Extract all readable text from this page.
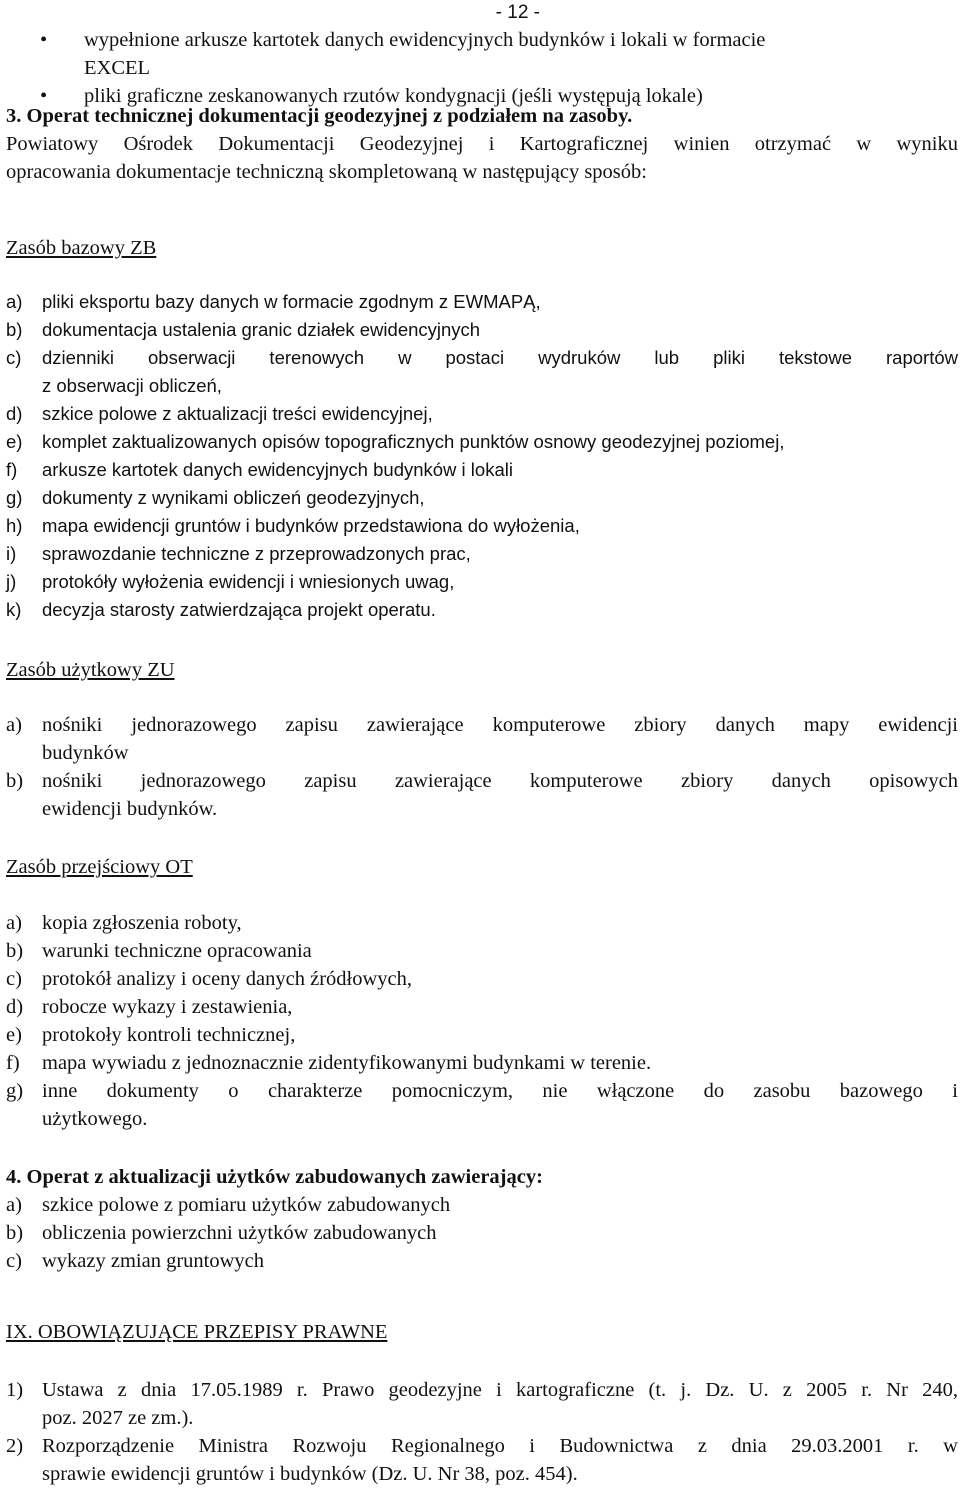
- 12 -
• wypełnione arkusze kartotek danych ewidencyjnych budynków i lokali w formacie
EXCEL
• pliki graficzne zeskanowanych rzutów kondygnacji (jeśli występują lokale)
3. Operat technicznej dokumentacji geodezyjnej z podziałem na zasoby.
Powiatowy Ośrodek Dokumentacji Geodezyjnej i Kartograficznej winien otrzymać w wyniku
opracowania dokumentacje techniczną skompletowaną w następujący sposób:
Zasób bazowy ZB
a) pliki eksportu bazy danych w formacie zgodnym z EWMAPĄ,
b) dokumentacja ustalenia granic działek ewidencyjnych
c) dzienniki obserwacji terenowych w postaci wydruków lub pliki tekstowe raportów
z obserwacji obliczeń,
d) szkice polowe z aktualizacji treści ewidencyjnej,
e) komplet zaktualizowanych opisów topograficznych punktów osnowy geodezyjnej poziomej,
f) arkusze kartotek danych ewidencyjnych budynków i lokali
g) dokumenty z wynikami obliczeń geodezyjnych,
h) mapa ewidencji gruntów i budynków przedstawiona do wyłożenia,
i) sprawozdanie techniczne z przeprowadzonych prac,
j) protokóły wyłożenia ewidencji i wniesionych uwag,
k) decyzja starosty zatwierdzająca projekt operatu.
Zasób użytkowy ZU
a) nośniki jednorazowego zapisu zawierające komputerowe zbiory danych mapy ewidencji
budynków
b) nośniki jednorazowego zapisu zawierające komputerowe zbiory danych opisowych
ewidencji budynków.
Zasób przejściowy OT
a) kopia zgłoszenia roboty,
b) warunki techniczne opracowania
c) protokół analizy i oceny danych źródłowych,
d) robocze wykazy i zestawienia,
e) protokoły kontroli technicznej,
f) mapa wywiadu z jednoznacznie zidentyfikowanymi budynkami w terenie.
g) inne dokumenty o charakterze pomocniczym, nie włączone do zasobu bazowego i
użytkowego.
4. Operat z aktualizacji użytków zabudowanych zawierający:
a) szkice polowe z pomiaru użytków zabudowanych
b) obliczenia powierzchni użytków zabudowanych
c) wykazy zmian gruntowych
IX. OBOWIĄZUJĄCE PRZEPISY PRAWNE
1) Ustawa z dnia 17.05.1989 r. Prawo geodezyjne i kartograficzne (t. j. Dz. U. z 2005 r. Nr 240,
poz. 2027 ze zm.).
2) Rozporządzenie Ministra Rozwoju Regionalnego i Budownictwa z dnia 29.03.2001 r. w
sprawie ewidencji gruntów i budynków (Dz. U. Nr 38, poz. 454).
